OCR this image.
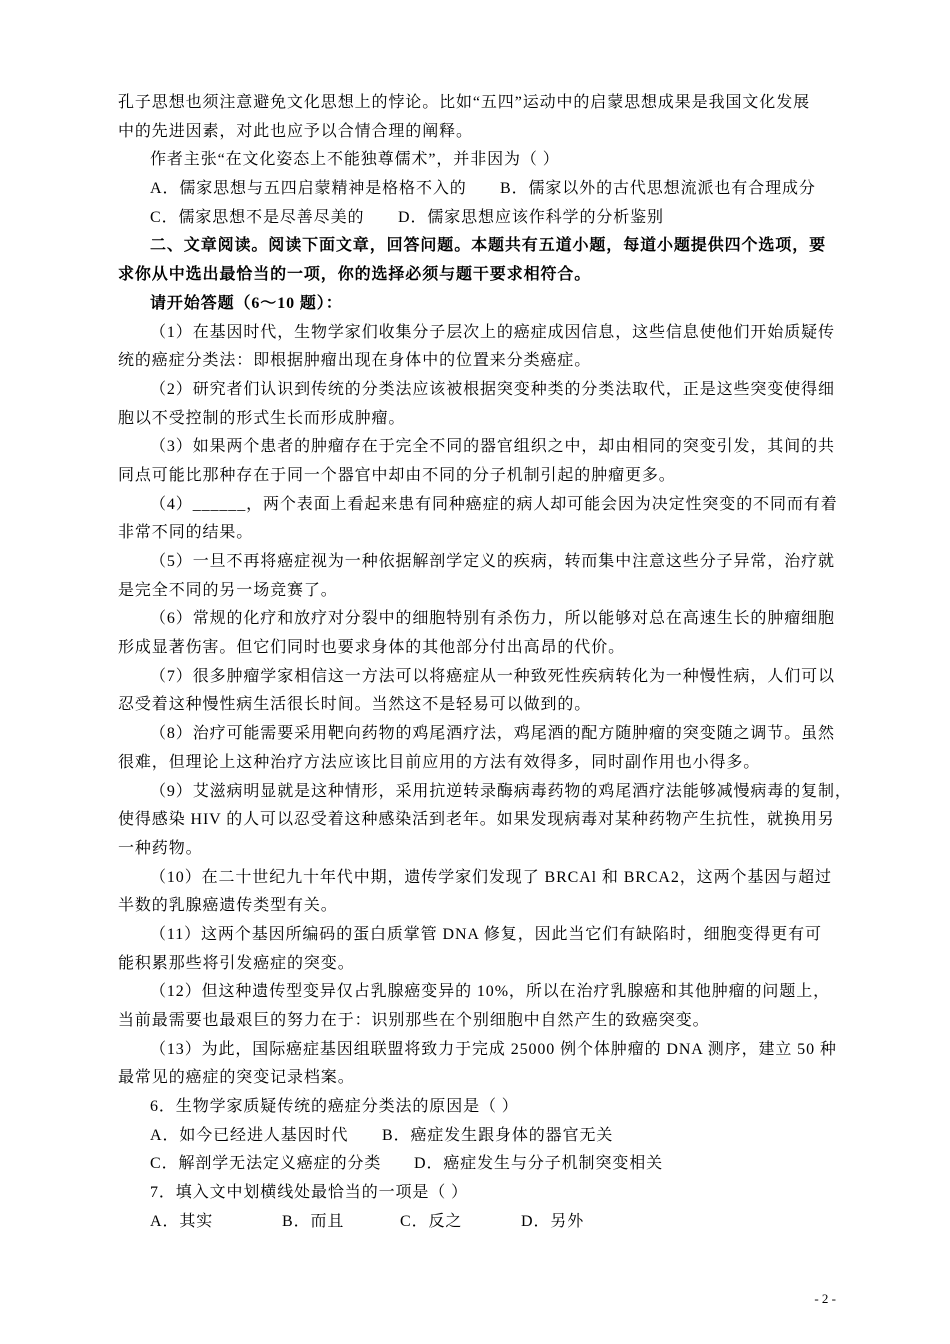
孔子思想也须注意避免文化思想上的悖论。比如“五四”运动中的启蒙思想成果是我国文化发展
中的先进因素，对此也应予以合情合理的阐释。
作者主张“在文化姿态上不能独尊儒术”，并非因为（ ）
A．儒家思想与五四启蒙精神是格格不入的 B．儒家以外的古代思想流派也有合理成分
C．儒家思想不是尽善尽美的 D．儒家思想应该作科学的分析鉴别
二、文章阅读。阅读下面文章，回答问题。本题共有五道小题，每道小题提供四个选项，要
求你从中选出最恰当的一项，你的选择必须与题干要求相符合。
请开始答题（6～10 题）：
（1）在基因时代，生物学家们收集分子层次上的癌症成因信息，这些信息使他们开始质疑传
统的癌症分类法：即根据肿瘤出现在身体中的位置来分类癌症。
（2）研究者们认识到传统的分类法应该被根据突变种类的分类法取代，正是这些突变使得细
胞以不受控制的形式生长而形成肿瘤。
（3）如果两个患者的肿瘤存在于完全不同的器官组织之中，却由相同的突变引发，其间的共
同点可能比那种存在于同一个器官中却由不同的分子机制引起的肿瘤更多。
（4）______，两个表面上看起来患有同种癌症的病人却可能会因为决定性突变的不同而有着
非常不同的结果。
（5）一旦不再将癌症视为一种依据解剖学定义的疾病，转而集中注意这些分子异常，治疗就
是完全不同的另一场竞赛了。
（6）常规的化疗和放疗对分裂中的细胞特别有杀伤力，所以能够对总在高速生长的肿瘤细胞
形成显著伤害。但它们同时也要求身体的其他部分付出高昂的代价。
（7）很多肿瘤学家相信这一方法可以将癌症从一种致死性疾病转化为一种慢性病，人们可以
忍受着这种慢性病生活很长时间。当然这不是轻易可以做到的。
（8）治疗可能需要采用靶向药物的鸡尾酒疗法，鸡尾酒的配方随肿瘤的突变随之调节。虽然
很难，但理论上这种治疗方法应该比目前应用的方法有效得多，同时副作用也小得多。
（9）艾滋病明显就是这种情形，采用抗逆转录酶病毒药物的鸡尾酒疗法能够减慢病毒的复制，
使得感染 HIV 的人可以忍受着这种感染活到老年。如果发现病毒对某种药物产生抗性，就换用另
一种药物。
（10）在二十世纪九十年代中期，遗传学家们发现了 BRCAl 和 BRCA2，这两个基因与超过
半数的乳腺癌遗传类型有关。
（11）这两个基因所编码的蛋白质掌管 DNA 修复，因此当它们有缺陷时，细胞变得更有可
能积累那些将引发癌症的突变。
（12）但这种遗传型变异仅占乳腺癌变异的 10%，所以在治疗乳腺癌和其他肿瘤的问题上，
当前最需要也最艰巨的努力在于：识别那些在个别细胞中自然产生的致癌突变。
（13）为此，国际癌症基因组联盟将致力于完成 25000 例个体肿瘤的 DNA 测序，建立 50 种
最常见的癌症的突变记录档案。
6．生物学家质疑传统的癌症分类法的原因是（ ）
A．如今已经进人基因时代 B．癌症发生跟身体的器官无关
C．解剖学无法定义癌症的分类 D．癌症发生与分子机制突变相关
7．填入文中划横线处最恰当的一项是（ ）
A．其实	B．而且	C．反之	D．另外
- 2 -
